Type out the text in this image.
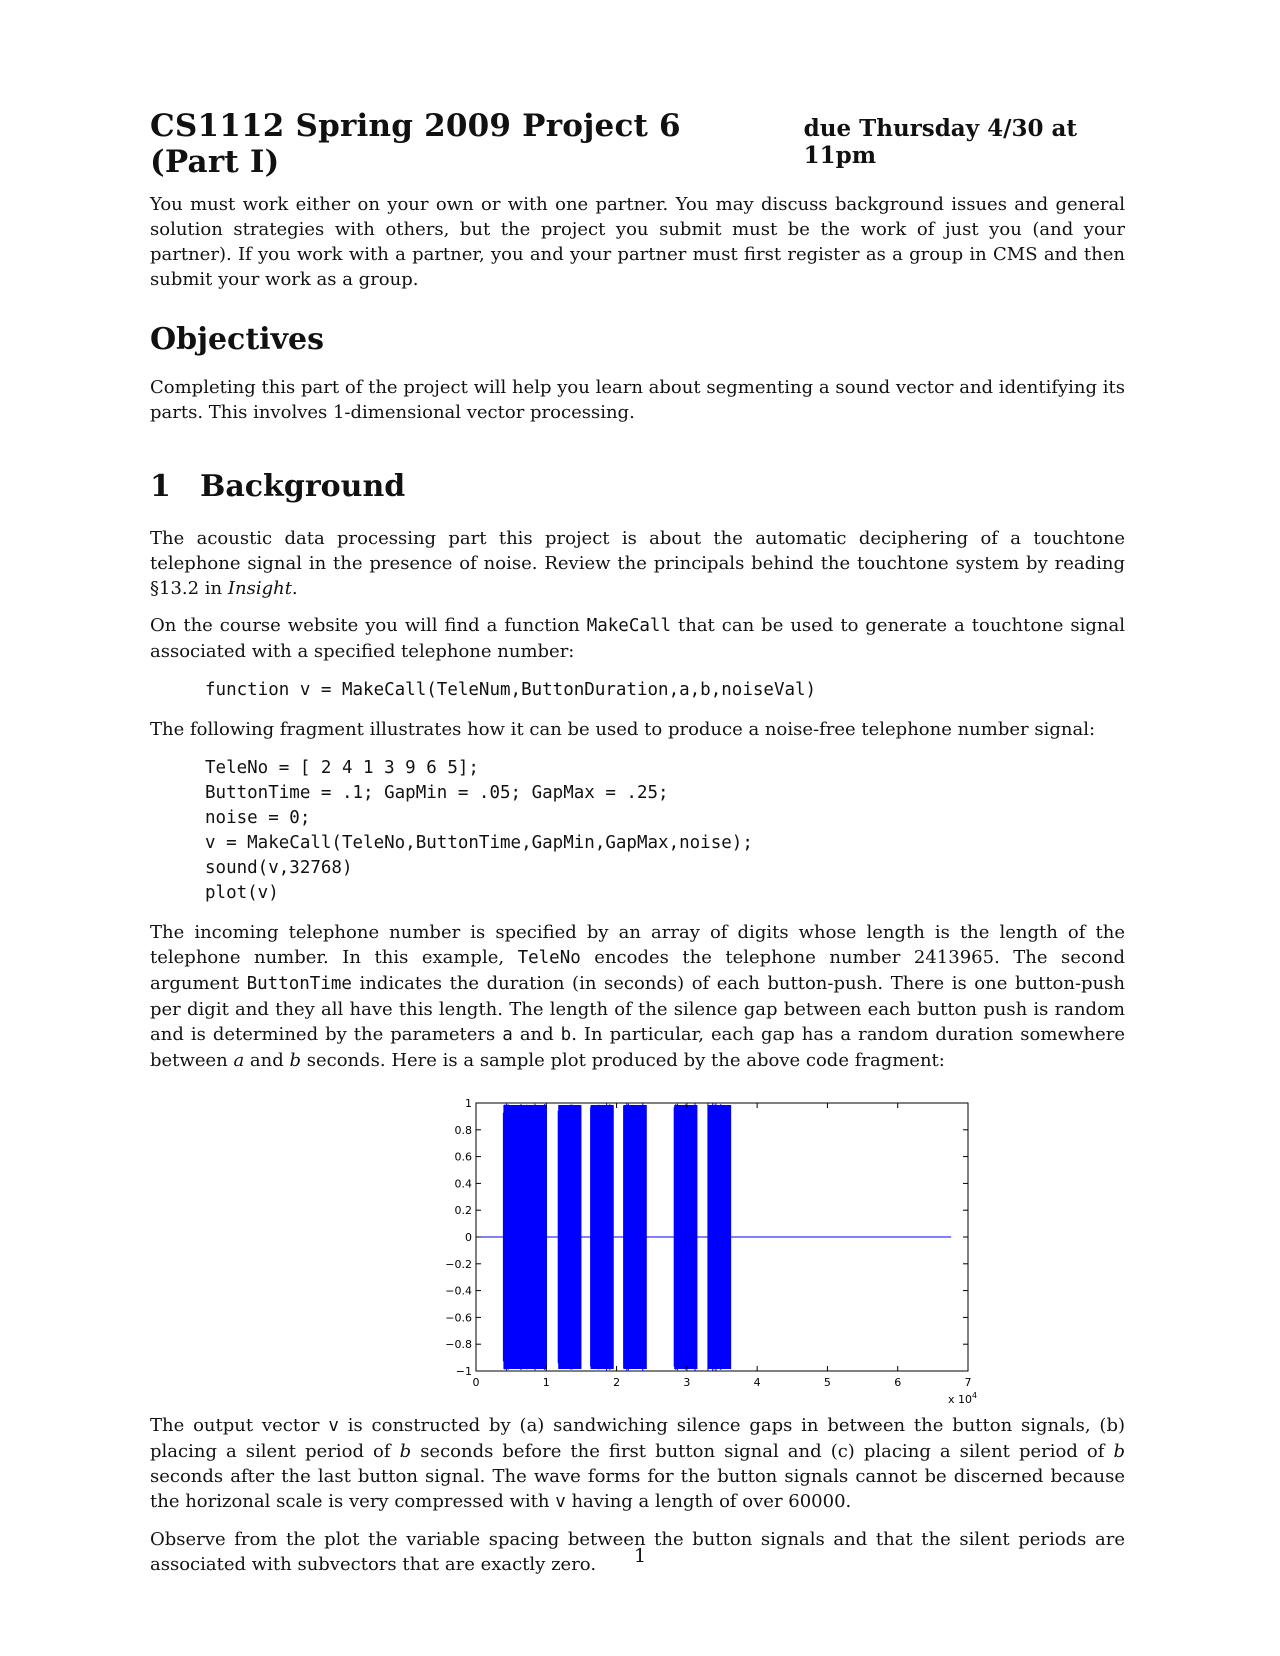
CS1112 Spring 2009 Project 6 (Part I)
due Thursday 4/30 at 11pm

You must work either on your own or with one partner. You may discuss background issues and general solution strategies with others, but the project you submit must be the work of just you (and your partner). If you work with a partner, you and your partner must first register as a group in CMS and then submit your work as a group.

Objectives

Completing this part of the project will help you learn about segmenting a sound vector and identifying its parts. This involves 1-dimensional vector processing.

1 Background

The acoustic data processing part this project is about the automatic deciphering of a touchtone telephone signal in the presence of noise. Review the principals behind the touchtone system by reading §13.2 in Insight.

On the course website you will find a function MakeCall that can be used to generate a touchtone signal associated with a specified telephone number:

function v = MakeCall(TeleNum,ButtonDuration,a,b,noiseVal)

The following fragment illustrates how it can be used to produce a noise-free telephone number signal:

TeleNo = [ 2 4 1 3 9 6 5];
ButtonTime = .1; GapMin = .05; GapMax = .25;
noise = 0;
v = MakeCall(TeleNo,ButtonTime,GapMin,GapMax,noise);
sound(v,32768)
plot(v)

The incoming telephone number is specified by an array of digits whose length is the length of the telephone number. In this example, TeleNo encodes the telephone number 2413965. The second argument ButtonTime indicates the duration (in seconds) of each button-push. There is one button-push per digit and they all have this length. The length of the silence gap between each button push is random and is determined by the parameters a and b. In particular, each gap has a random duration somewhere between a and b seconds. Here is a sample plot produced by the above code fragment:

1
0.8
0.6
0.4
0.2
0
−0.2
−0.4
−0.6
−0.8
−1
0	1	2	3	4	5	6	7
x $10^4$

The output vector v is constructed by (a) sandwiching silence gaps in between the button signals, (b) placing a silent period of b seconds before the first button signal and (c) placing a silent period of b seconds after the last button signal. The wave forms for the button signals cannot be discerned because the horizonal scale is very compressed with v having a length of over 60000.

Observe from the plot the variable spacing between the button signals and that the silent periods are associated with subvectors that are exactly zero.	1
